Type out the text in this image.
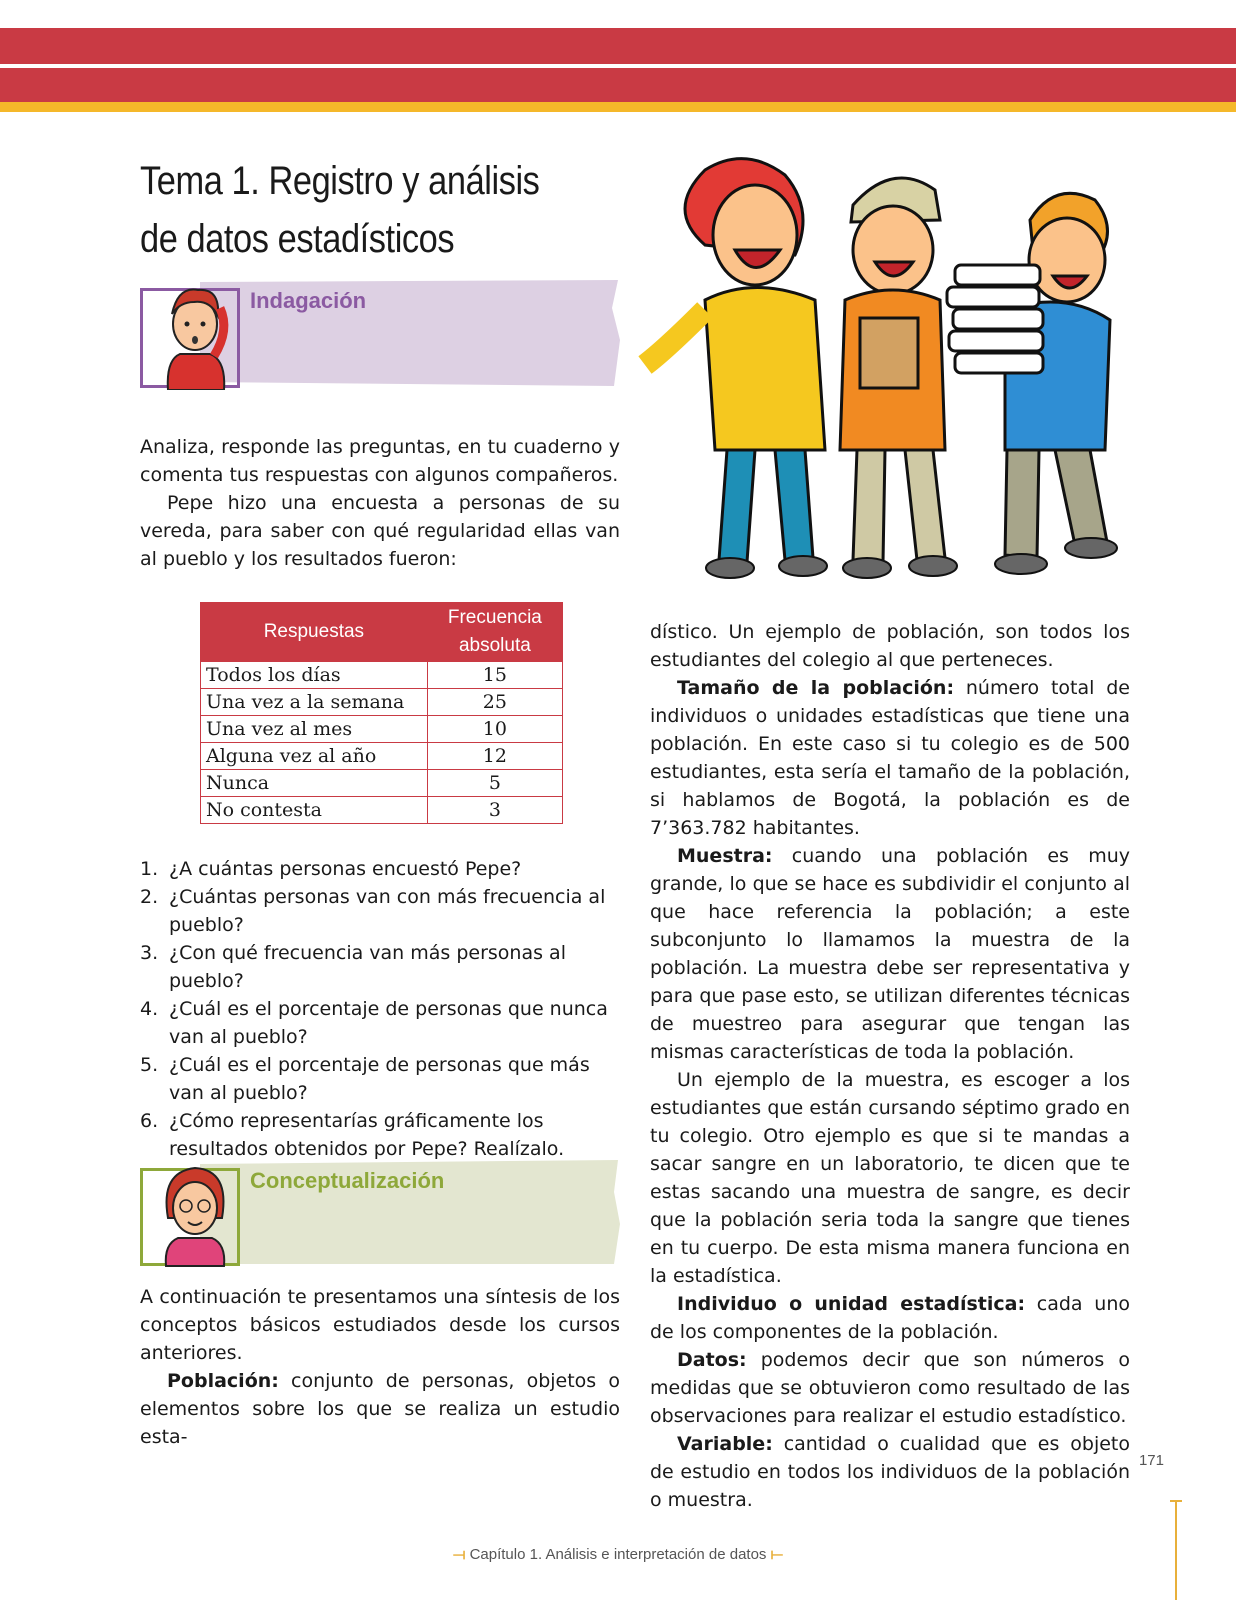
Tema 1. Registro y análisis
de datos estadísticos
Indagación

Analiza, responde las preguntas, en tu cuaderno y comenta tus respuestas con algunos compañeros.

Pepe hizo una encuesta a personas de su vereda, para saber con qué regularidad ellas van al pueblo y los resultados fueron:

Respuestas	Frecuencia absoluta
Todos los días	15
Una vez a la semana	25
Una vez al mes	10
Alguna vez al año	12
Nunca	5
No contesta	3
1. ¿A cuántas personas encuestó Pepe?
2. ¿Cuántas personas van con más frecuencia al pueblo?
3. ¿Con qué frecuencia van más personas al pueblo?
4. ¿Cuál es el porcentaje de personas que nunca van al pueblo?
5. ¿Cuál es el porcentaje de personas que más van al pueblo?
6. ¿Cómo representarías gráficamente los resultados obtenidos por Pepe? Realízalo.
Conceptualización

A continuación te presentamos una síntesis de los conceptos básicos estudiados desde los cursos anteriores.

Población: conjunto de personas, objetos o elementos sobre los que se realiza un estudio esta-

dístico. Un ejemplo de población, son todos los estudiantes del colegio al que perteneces.

Tamaño de la población: número total de individuos o unidades estadísticas que tiene una población. En este caso si tu colegio es de 500 estudiantes, esta sería el tamaño de la población, si hablamos de Bogotá, la población es de 7’363.782 habitantes.

Muestra: cuando una población es muy grande, lo que se hace es subdividir el conjunto al que hace referencia la población; a este subconjunto lo llamamos la muestra de la población. La muestra debe ser representativa y para que pase esto, se utilizan diferentes técnicas de muestreo para asegurar que tengan las mismas características de toda la población.

Un ejemplo de la muestra, es escoger a los estudiantes que están cursando séptimo grado en tu colegio. Otro ejemplo es que si te mandas a sacar sangre en un laboratorio, te dicen que te estas sacando una muestra de sangre, es decir que la población seria toda la sangre que tienes en tu cuerpo. De esta misma manera funciona en la estadística.

Individuo o unidad estadística: cada uno de los componentes de la población.

Datos: podemos decir que son números o medidas que se obtuvieron como resultado de las observaciones para realizar el estudio estadístico.

Variable: cantidad o cualidad que es objeto de estudio en todos los individuos de la población o muestra.

171
⟞ Capítulo 1. Análisis e interpretación de datos ⟝
